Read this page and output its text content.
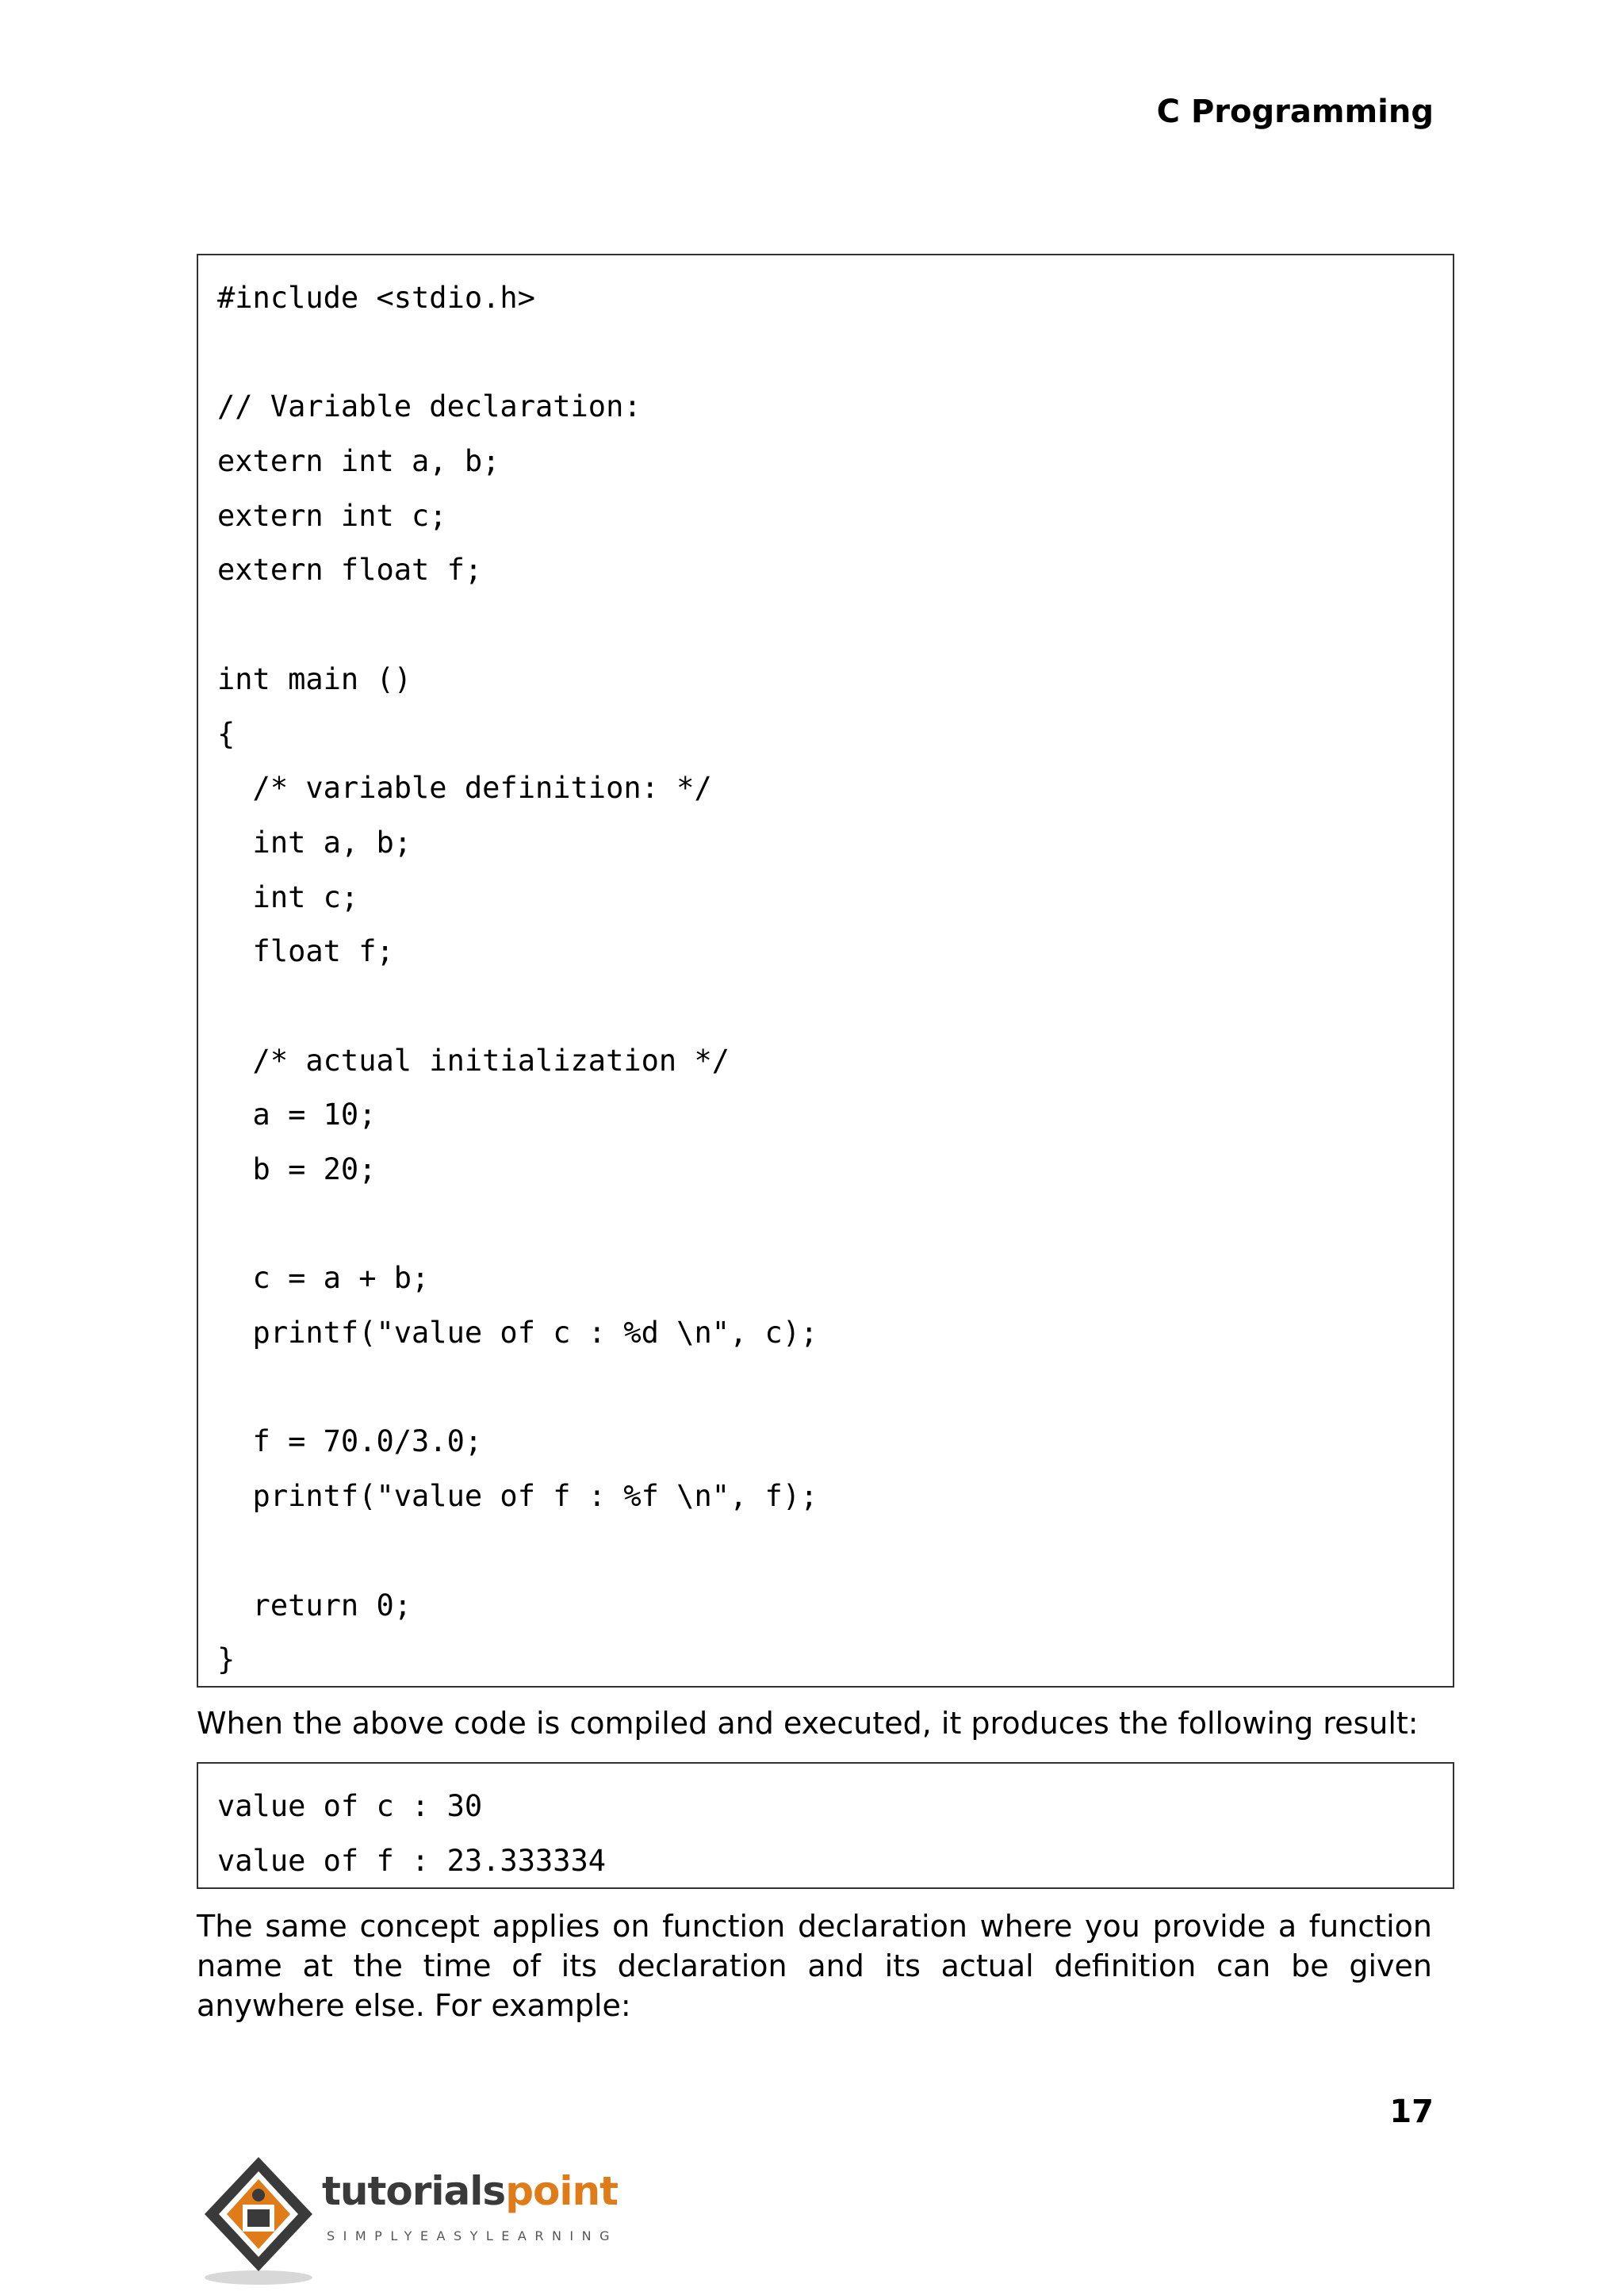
C Programming
#include <stdio.h>
// Variable declaration:
extern int a, b;
extern int c;
extern float f;
int main ()
{
/* variable definition: */
int a, b;
int c;
float f;
/* actual initialization */
a = 10;
b = 20;
c = a + b;
printf("value of c : %d \n", c);
f = 70.0/3.0;
printf("value of f : %f \n", f);
return 0;
}
When the above code is compiled and executed, it produces the following result:
value of c : 30
value of f : 23.333334
The same concept applies on function declaration where you provide a function name at the time of its declaration and its actual definition can be given anywhere else. For example:
17
tutorialspoint
SIMPLYEASYLEARNING
